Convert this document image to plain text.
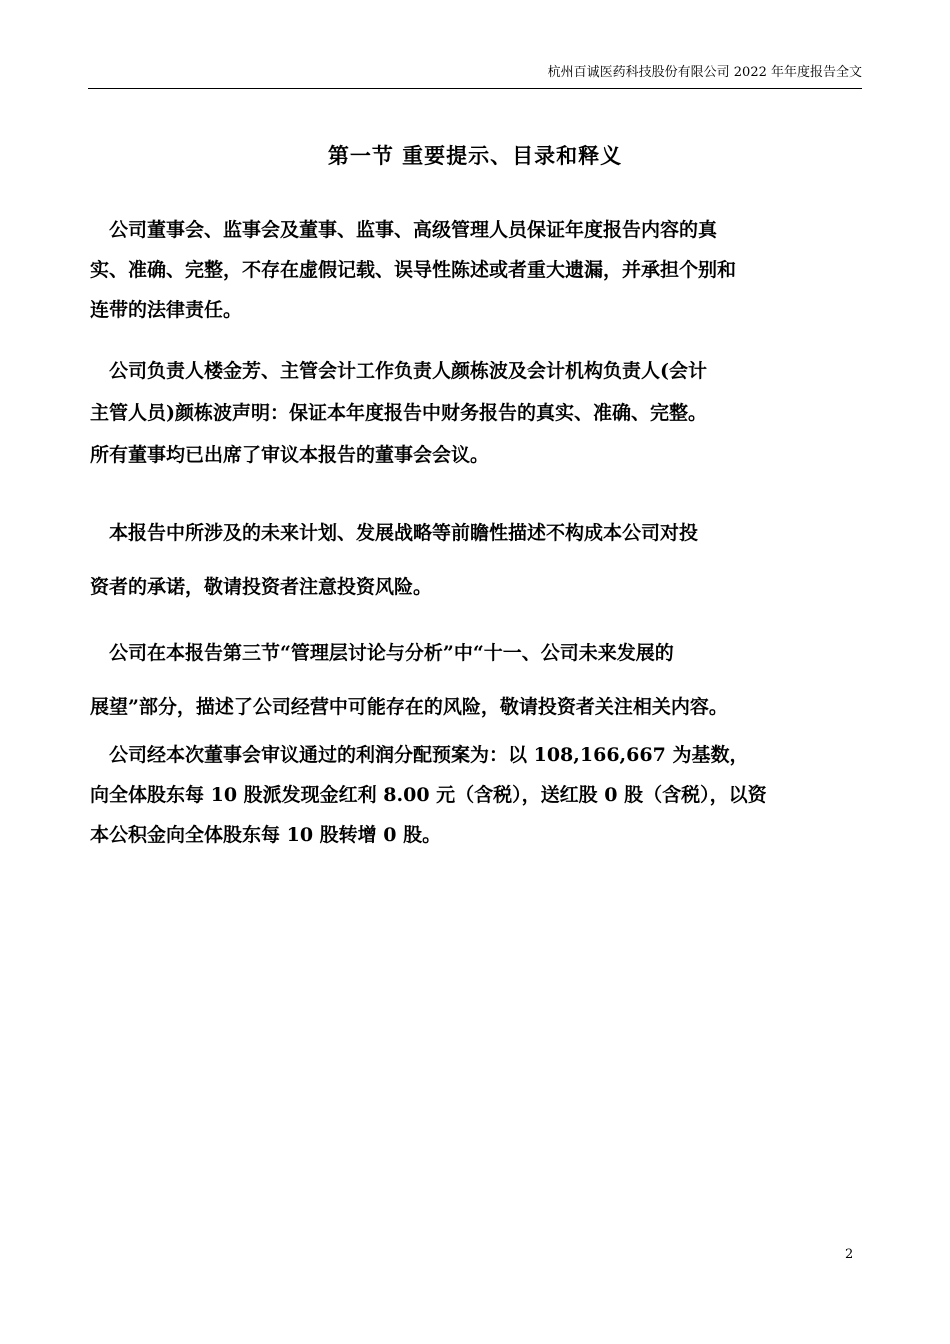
杭州百诚医药科技股份有限公司 2022 年年度报告全文
第一节 重要提示、目录和释义
　公司董事会、监事会及董事、监事、高级管理人员保证年度报告内容的真
实、准确、完整，不存在虚假记载、误导性陈述或者重大遗漏，并承担个别和
连带的法律责任。
　公司负责人楼金芳、主管会计工作负责人颜栋波及会计机构负责人(会计
主管人员)颜栋波声明：保证本年度报告中财务报告的真实、准确、完整。
所有董事均已出席了审议本报告的董事会会议。
　本报告中所涉及的未来计划、发展战略等前瞻性描述不构成本公司对投
资者的承诺，敬请投资者注意投资风险。
　公司在本报告第三节“管理层讨论与分析”中“十一、公司未来发展的
展望”部分，描述了公司经营中可能存在的风险，敬请投资者关注相关内容。
　公司经本次董事会审议通过的利润分配预案为：以 108,166,667 为基数，
向全体股东每 10 股派发现金红利 8.00 元（含税），送红股 0 股（含税），以资
本公积金向全体股东每 10 股转增 0 股。
2
